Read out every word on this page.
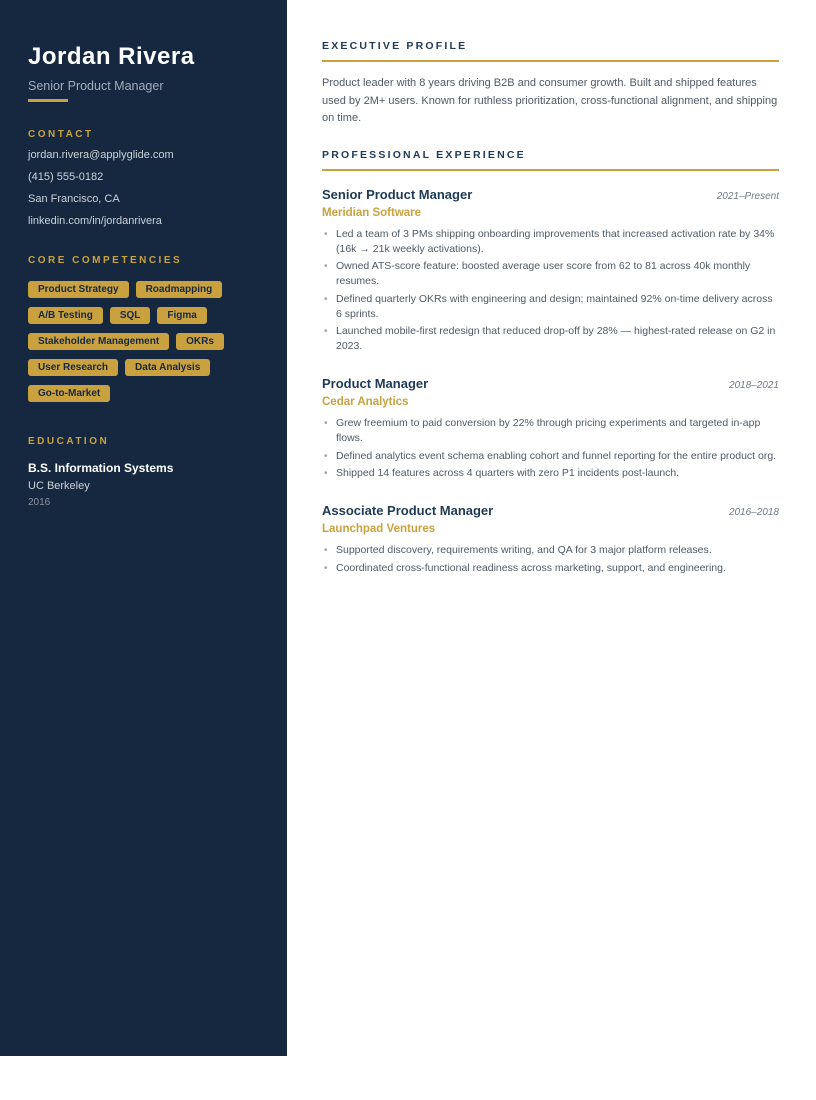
Jordan Rivera
Senior Product Manager
CONTACT
jordan.rivera@applyglide.com
(415) 555-0182
San Francisco, CA
linkedin.com/in/jordanrivera
CORE COMPETENCIES
Product Strategy	RoadmappingA/B Testing	SQL	FigmaStakeholder Management	OKRsUser Research	Data AnalysisGo-to-Market
EDUCATION
B.S. Information Systems
UC Berkeley
2016
EXECUTIVE PROFILE

Product leader with 8 years driving B2B and consumer growth. Built and shipped features used by 2M+ users. Known for ruthless prioritization, cross-functional alignment, and shipping on time.

PROFESSIONAL EXPERIENCE
Senior Product Manager	2021–Present
Meridian Software
• Led a team of 3 PMs shipping onboarding improvements that increased activation rate by 34% (16k → 21k weekly activations).
• Owned ATS-score feature: boosted average user score from 62 to 81 across 40k monthly resumes.
• Defined quarterly OKRs with engineering and design; maintained 92% on-time delivery across 6 sprints.
• Launched mobile-first redesign that reduced drop-off by 28% — highest-rated release on G2 in 2023.
Product Manager	2018–2021
Cedar Analytics
• Grew freemium to paid conversion by 22% through pricing experiments and targeted in-app flows.
• Defined analytics event schema enabling cohort and funnel reporting for the entire product org.
• Shipped 14 features across 4 quarters with zero P1 incidents post-launch.
Associate Product Manager	2016–2018
Launchpad Ventures
• Supported discovery, requirements writing, and QA for 3 major platform releases.
• Coordinated cross-functional readiness across marketing, support, and engineering.
